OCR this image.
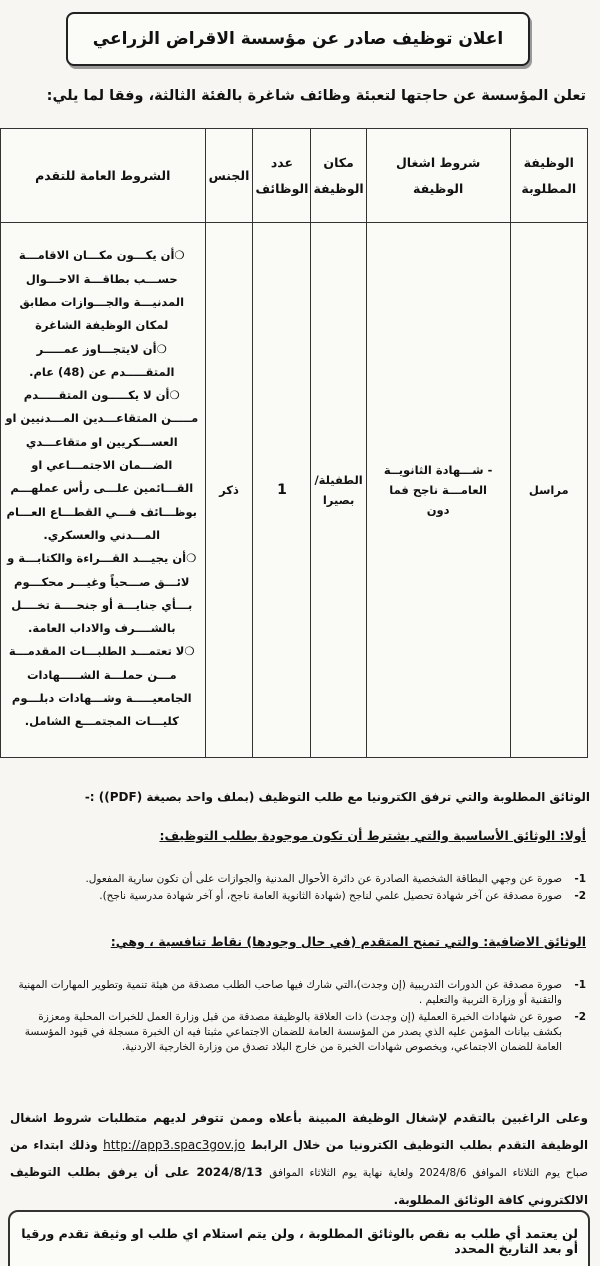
اعلان توظيف صادر عن مؤسسة الاقراض الزراعي
تعلن المؤسسة عن حاجتها لتعبئة وظائف شاغرة بالفئة الثالثة، وفقا لما يلي:
الوظيفة المطلوبة	شروط اشغال الوظيفة	مكان الوظيفة	عدد الوظائف	الجنس	الشروط العامة للتقدم
مراسل	- شـــهادة الثانويــة العامـــة ناجح فما دون	الطفيلة/ بصيرا	1	ذكر	❍أن يكـــون مكـــان الاقامـــة حســـب بطاقـــة الاحـــوال المدنيـــة والجـــوازات مطابق لمكان الوظيفة الشاغرة

❍أن لايتجـــاوز عمـــــر المتقـــــدم عن (48) عام.

❍أن لا يكـــــون المتقـــــدم مـــــن المتقاعـــدين المـــدنيين او العســـكريين او متقاعـــدي الضـــمان الاجتمـــاعي او القـــائمين علـــى رأس عملهـــم بوظـــائف فـــي القطـــاع العـــام المـــدني والعسكري.

❍أن يجيـــد القـــراءة والكتابـــة و لائـــق صـــحياً وغيـــر محكـــوم بـــأي جنايـــة أو جنحــــة تخــــل بالشــــرف والاداب العامة.

❍لا تعتمـــد الطلبـــات المقدمـــة مـــن حملـــة الشـــــهادات الجامعيـــــة وشـــهادات دبلـــوم كليـــات المجتمـــع الشامل.

الوثائق المطلوبة والتي ترفق الكترونيا مع طلب التوظيف (بملف واحد بصيغة (PDF)) :-
أولا: الوثائق الأساسية والتي يشترط أن تكون موجودة بطلب التوظيف:
1-
صورة عن وجهي البطاقة الشخصية الصادرة عن دائرة الأحوال المدنية والجوازات على أن تكون سارية المفعول.
2-
صورة مصدقة عن آخر شهادة تحصيل علمي لناجح (شهادة الثانوية العامة ناجح، أو آخر شهادة مدرسية ناجح).
الوثائق الاضافية: والتي تمنح المتقدم (في حال وجودها) نقاط تنافسية ، وهي:
1-
صورة مصدقة عن الدورات التدريبية (إن وجدت)،التي شارك فيها صاحب الطلب مصدقة من هيئة تنمية وتطوير المهارات المهنية والتقنية أو وزارة التربية والتعليم .
2-
صورة عن شهادات الخبرة العملية (إن وجدت) ذات العلاقة بالوظيفة مصدقة من قبل وزارة العمل للخبرات المحلية ومعززة بكشف بيانات المؤمن عليه الذي يصدر من المؤسسة العامة للضمان الاجتماعي مثبتا فيه ان الخبرة مسجلة في قيود المؤسسة العامة للضمان الاجتماعي، وبخصوص شهادات الخبرة من خارج البلاد تصدق من وزارة الخارجية الاردنية.
وعلى الراغبين بالتقدم لإشغال الوظيفة المبينة بأعلاه وممن تتوفر لديهم متطلبات شروط اشغال الوظيفة التقدم بطلب التوظيف الكترونيا من خلال الرابط http://app3.spac3gov.jo وذلك ابتداء من صباح يوم الثلاثاء الموافق 2024/8/6 ولغاية نهاية يوم الثلاثاء الموافق 2024/8/13 على أن يرفق بطلب التوظيف الالكتروني كافة الوثائق المطلوبة.
لن يعتمد أي طلب به نقص بالوثائق المطلوبة ، ولن يتم استلام اي طلب او وثيقة تقدم ورقيا أو بعد التاريخ المحدد
